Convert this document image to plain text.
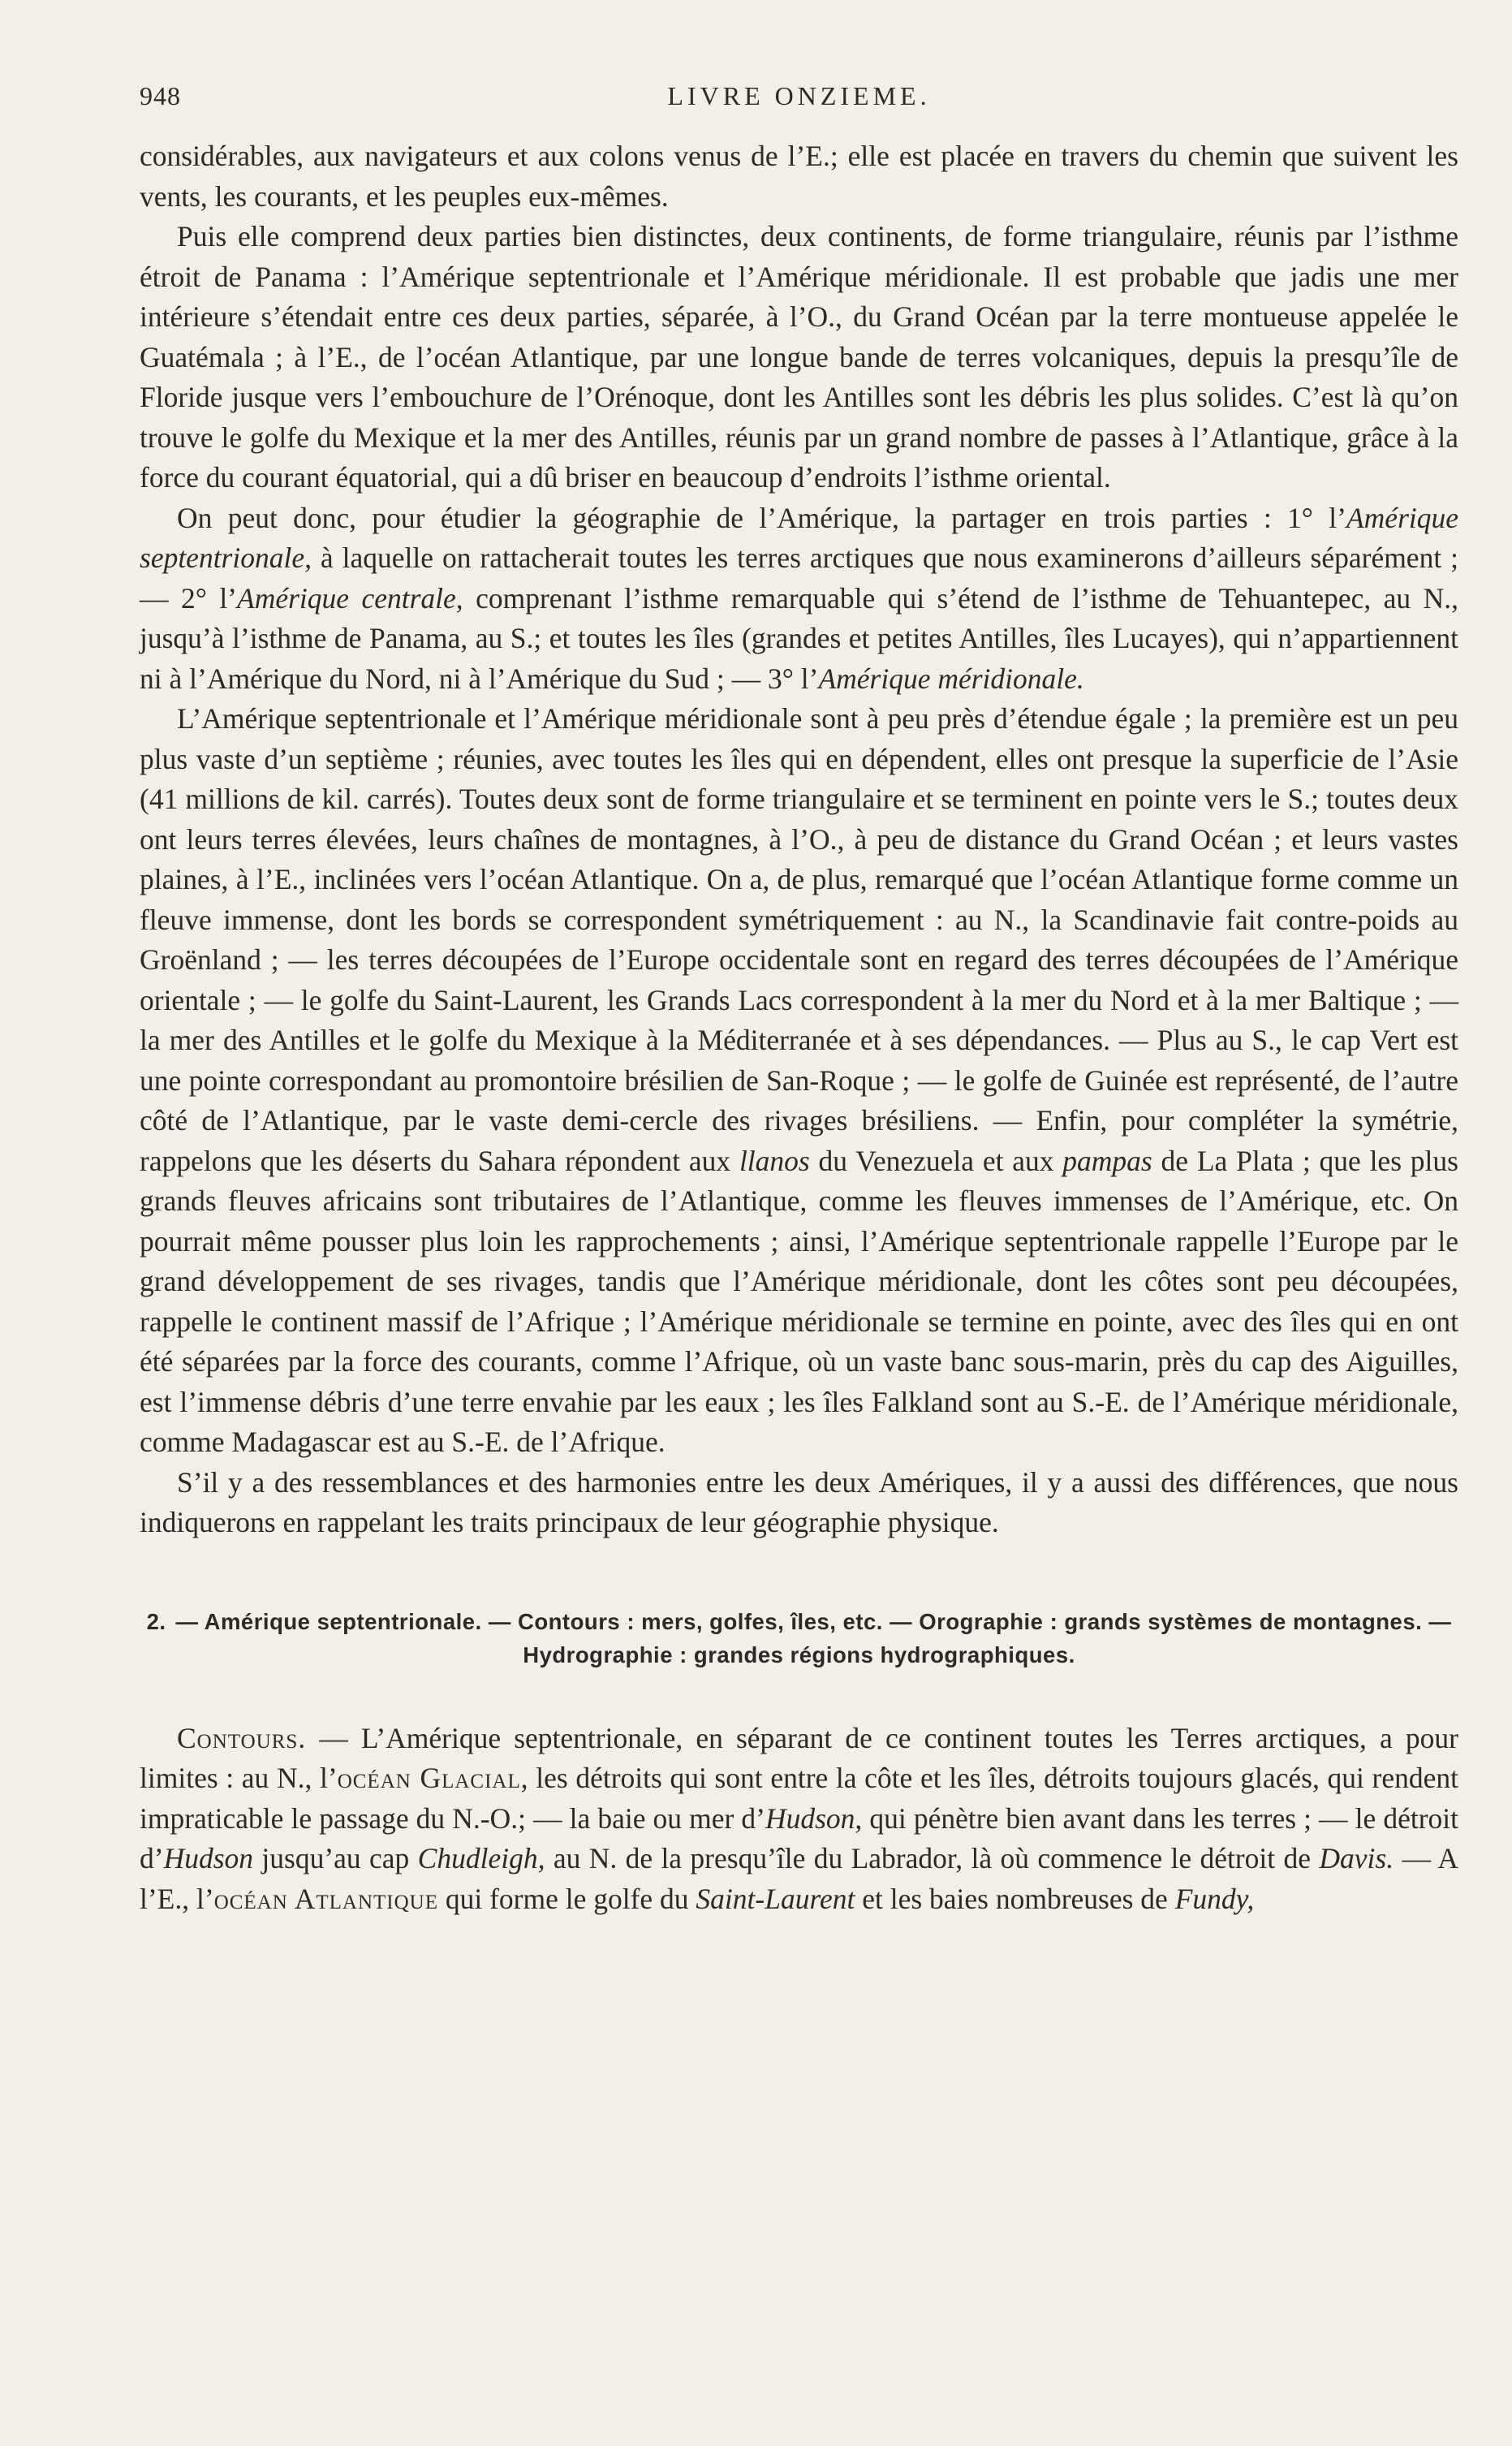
948	LIVRE ONZIEME.

considérables, aux navigateurs et aux colons venus de l’E.; elle est placée en travers du chemin que suivent les vents, les courants, et les peuples eux-mêmes.

Puis elle comprend deux parties bien distinctes, deux continents, de forme triangulaire, réunis par l’isthme étroit de Panama : l’Amérique septentrionale et l’Amérique méridionale. Il est probable que jadis une mer intérieure s’étendait entre ces deux parties, séparée, à l’O., du Grand Océan par la terre montueuse appelée le Guatémala ; à l’E., de l’océan Atlantique, par une longue bande de terres volcaniques, depuis la presqu’île de Floride jusque vers l’embouchure de l’Orénoque, dont les Antilles sont les débris les plus solides. C’est là qu’on trouve le golfe du Mexique et la mer des Antilles, réunis par un grand nombre de passes à l’Atlantique, grâce à la force du courant équatorial, qui a dû briser en beaucoup d’endroits l’isthme oriental.

On peut donc, pour étudier la géographie de l’Amérique, la partager en trois parties : 1° l’Amérique septentrionale, à laquelle on rattacherait toutes les terres arctiques que nous examinerons d’ailleurs séparément ; — 2° l’Amérique centrale, comprenant l’isthme remarquable qui s’étend de l’isthme de Tehuantepec, au N., jusqu’à l’isthme de Panama, au S.; et toutes les îles (grandes et petites Antilles, îles Lucayes), qui n’appartiennent ni à l’Amérique du Nord, ni à l’Amérique du Sud ; — 3° l’Amérique méridionale.

L’Amérique septentrionale et l’Amérique méridionale sont à peu près d’étendue égale ; la première est un peu plus vaste d’un septième ; réunies, avec toutes les îles qui en dépendent, elles ont presque la superficie de l’Asie (41 millions de kil. carrés). Toutes deux sont de forme triangulaire et se terminent en pointe vers le S.; toutes deux ont leurs terres élevées, leurs chaînes de montagnes, à l’O., à peu de distance du Grand Océan ; et leurs vastes plaines, à l’E., inclinées vers l’océan Atlantique. On a, de plus, remarqué que l’océan Atlantique forme comme un fleuve immense, dont les bords se correspondent symétriquement : au N., la Scandinavie fait contre-poids au Groënland ; — les terres découpées de l’Europe occidentale sont en regard des terres découpées de l’Amérique orientale ; — le golfe du Saint-Laurent, les Grands Lacs correspondent à la mer du Nord et à la mer Baltique ; — la mer des Antilles et le golfe du Mexique à la Méditerranée et à ses dépendances. — Plus au S., le cap Vert est une pointe correspondant au promontoire brésilien de San-Roque ; — le golfe de Guinée est représenté, de l’autre côté de l’Atlantique, par le vaste demi-cercle des rivages brésiliens. — Enfin, pour compléter la symétrie, rappelons que les déserts du Sahara répondent aux llanos du Venezuela et aux pampas de La Plata ; que les plus grands fleuves africains sont tributaires de l’Atlantique, comme les fleuves immenses de l’Amérique, etc. On pourrait même pousser plus loin les rapprochements ; ainsi, l’Amérique septentrionale rappelle l’Europe par le grand développement de ses rivages, tandis que l’Amérique méridionale, dont les côtes sont peu découpées, rappelle le continent massif de l’Afrique ; l’Amérique méridionale se termine en pointe, avec des îles qui en ont été séparées par la force des courants, comme l’Afrique, où un vaste banc sous-marin, près du cap des Aiguilles, est l’immense débris d’une terre envahie par les eaux ; les îles Falkland sont au S.-E. de l’Amérique méridionale, comme Madagascar est au S.-E. de l’Afrique.

S’il y a des ressemblances et des harmonies entre les deux Amériques, il y a aussi des différences, que nous indiquerons en rappelant les traits principaux de leur géographie physique.

2. — Amérique septentrionale. — Contours : mers, golfes, îles, etc. — Orographie : grands systèmes de montagnes. — Hydrographie : grandes régions hydrographiques.

Contours. — L’Amérique septentrionale, en séparant de ce continent toutes les Terres arctiques, a pour limites : au N., l’océan Glacial, les détroits qui sont entre la côte et les îles, détroits toujours glacés, qui rendent impraticable le passage du N.-O.; — la baie ou mer d’Hudson, qui pénètre bien avant dans les terres ; — le détroit d’Hudson jusqu’au cap Chudleigh, au N. de la presqu’île du Labrador, là où commence le détroit de Davis. — A l’E., l’océan Atlantique qui forme le golfe du Saint-Laurent et les baies nombreuses de Fundy,
